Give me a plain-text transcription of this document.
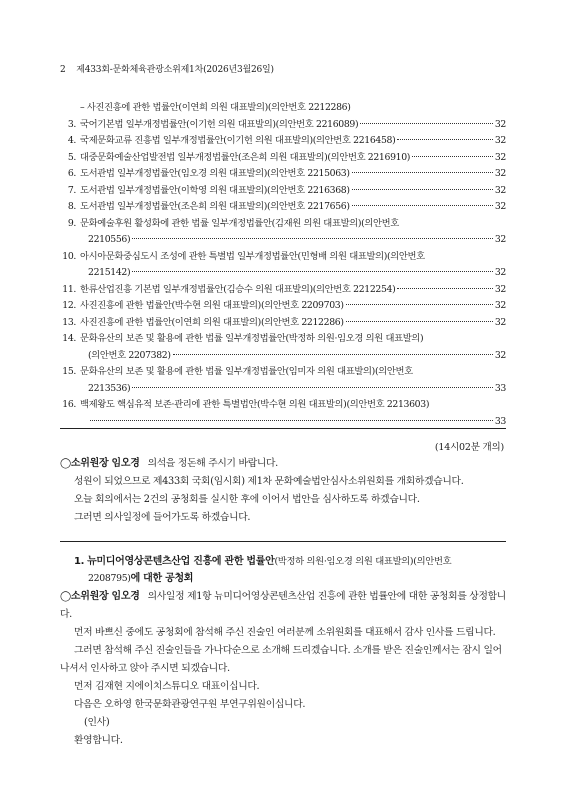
2 제433회-문화체육관광소위제1차(2026년3월26일)
– 사진진흥에 관한 법률안(이연희 의원 대표발의)(의안번호 2212286)
3. 국어기본법 일부개정법률안(이기헌 의원 대표발의)(의안번호 2216089)	32
4. 국제문화교류 진흥법 일부개정법률안(이기헌 의원 대표발의)(의안번호 2216458)	32
5. 대중문화예술산업발전법 일부개정법률안(조은희 의원 대표발의)(의안번호 2216910)	32
6. 도서관법 일부개정법률안(임오경 의원 대표발의)(의안번호 2215063)	32
7. 도서관법 일부개정법률안(이학영 의원 대표발의)(의안번호 2216368)	32
8. 도서관법 일부개정법률안(조은희 의원 대표발의)(의안번호 2217656)	32
9. 문화예술후원 활성화에 관한 법률 일부개정법률안(김재원 의원 대표발의)(의안번호
2210556)	32
10. 아시아문화중심도시 조성에 관한 특별법 일부개정법률안(민형배 의원 대표발의)(의안번호
2215142)	32
11. 한류산업진흥 기본법 일부개정법률안(김승수 의원 대표발의)(의안번호 2212254)	32
12. 사진진흥에 관한 법률안(박수현 의원 대표발의)(의안번호 2209703)	32
13. 사진진흥에 관한 법률안(이연희 의원 대표발의)(의안번호 2212286)	32
14. 문화유산의 보존 및 활용에 관한 법률 일부개정법률안(박정하 의원·임오경 의원 대표발의)
(의안번호 2207382)	32
15. 문화유산의 보존 및 활용에 관한 법률 일부개정법률안(임미자 의원 대표발의)(의안번호
2213536)	33
16. 백제왕도 핵심유적 보존·관리에 관한 특별법안(박수현 의원 대표발의)(의안번호 2213603)
33
(14시02분 개의)
◯소위원장 임오경 의석을 정돈해 주시기 바랍니다.
성원이 되었으므로 제433회 국회(임시회) 제1차 문화예술법안심사소위원회를 개회하겠습니다.
오늘 회의에서는 2건의 공청회를 실시한 후에 이어서 법안을 심사하도록 하겠습니다.
그러면 의사일정에 들어가도록 하겠습니다.
1. 뉴미디어영상콘텐츠산업 진흥에 관한 법률안(박정하 의원·임오경 의원 대표발의)(의안번호
2208795)에 대한 공청회
◯소위원장 임오경 의사일정 제1항 뉴미디어영상콘텐츠산업 진흥에 관한 법률안에 대한 공청회를 상정합니다.
먼저 바쁘신 중에도 공청회에 참석해 주신 진술인 여러분께 소위원회를 대표해서 감사 인사를 드립니다.
그러면 참석해 주신 진술인들을 가나다순으로 소개해 드리겠습니다. 소개를 받은 진술인께서는 잠시 일어나셔서 인사하고 앉아 주시면 되겠습니다.
먼저 김재현 지에이치스튜디오 대표이십니다.
다음은 오하영 한국문화관광연구원 부연구위원이십니다.
(인사)
환영합니다.
